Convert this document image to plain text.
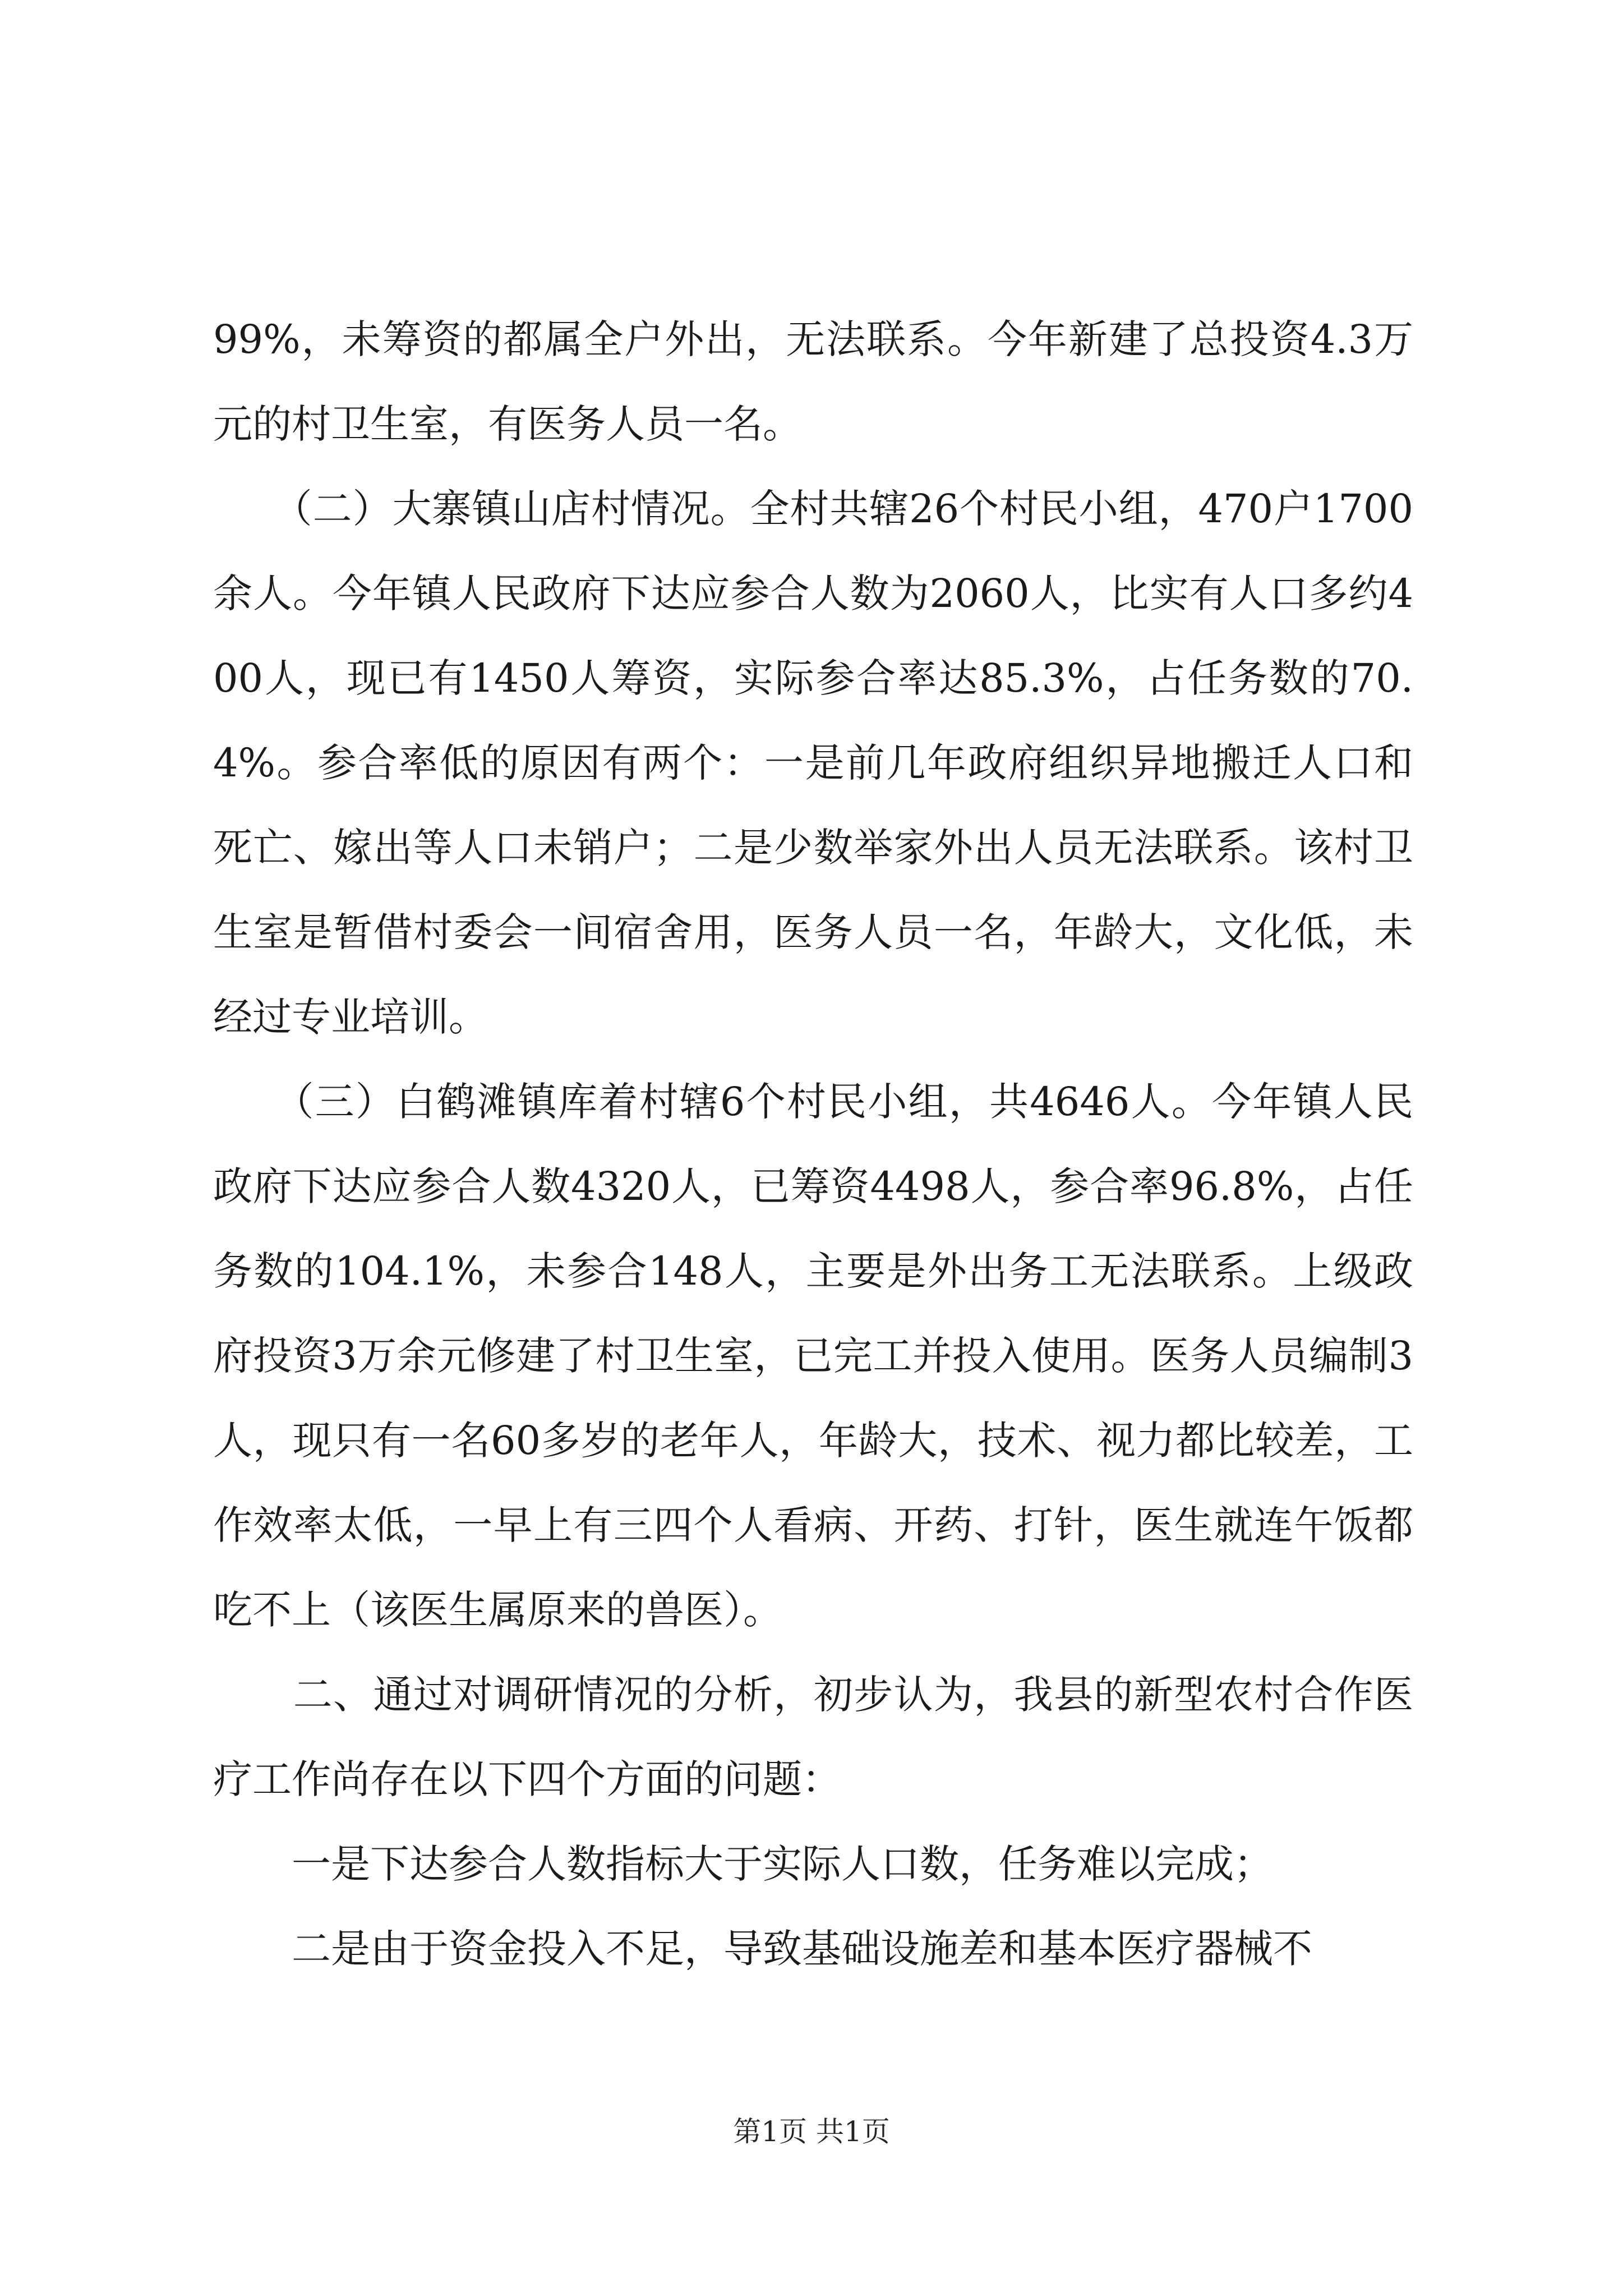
99%，未筹资的都属全户外出，无法联系。今年新建了总投资4.3万元的村卫生室，有医务人员一名。

　　（二）大寨镇山店村情况。全村共辖26个村民小组，470户1700余人。今年镇人民政府下达应参合人数为2060人，比实有人口多约400人，现已有1450人筹资，实际参合率达85.3%，占任务数的70.4%。参合率低的原因有两个：一是前几年政府组织异地搬迁人口和死亡、嫁出等人口未销户；二是少数举家外出人员无法联系。该村卫生室是暂借村委会一间宿舍用，医务人员一名，年龄大，文化低，未经过专业培训。

　　（三）白鹤滩镇库着村辖6个村民小组，共4646人。今年镇人民政府下达应参合人数4320人，已筹资4498人，参合率96.8%，占任务数的104.1%，未参合148人，主要是外出务工无法联系。上级政府投资3万余元修建了村卫生室，已完工并投入使用。医务人员编制3人，现只有一名60多岁的老年人，年龄大，技术、视力都比较差，工作效率太低，一早上有三四个人看病、开药、打针，医生就连午饭都吃不上（该医生属原来的兽医）。

　　二、通过对调研情况的分析，初步认为，我县的新型农村合作医疗工作尚存在以下四个方面的问题：

　　一是下达参合人数指标大于实际人口数，任务难以完成；

　　二是由于资金投入不足，导致基础设施差和基本医疗器械不

第1页 共1页
